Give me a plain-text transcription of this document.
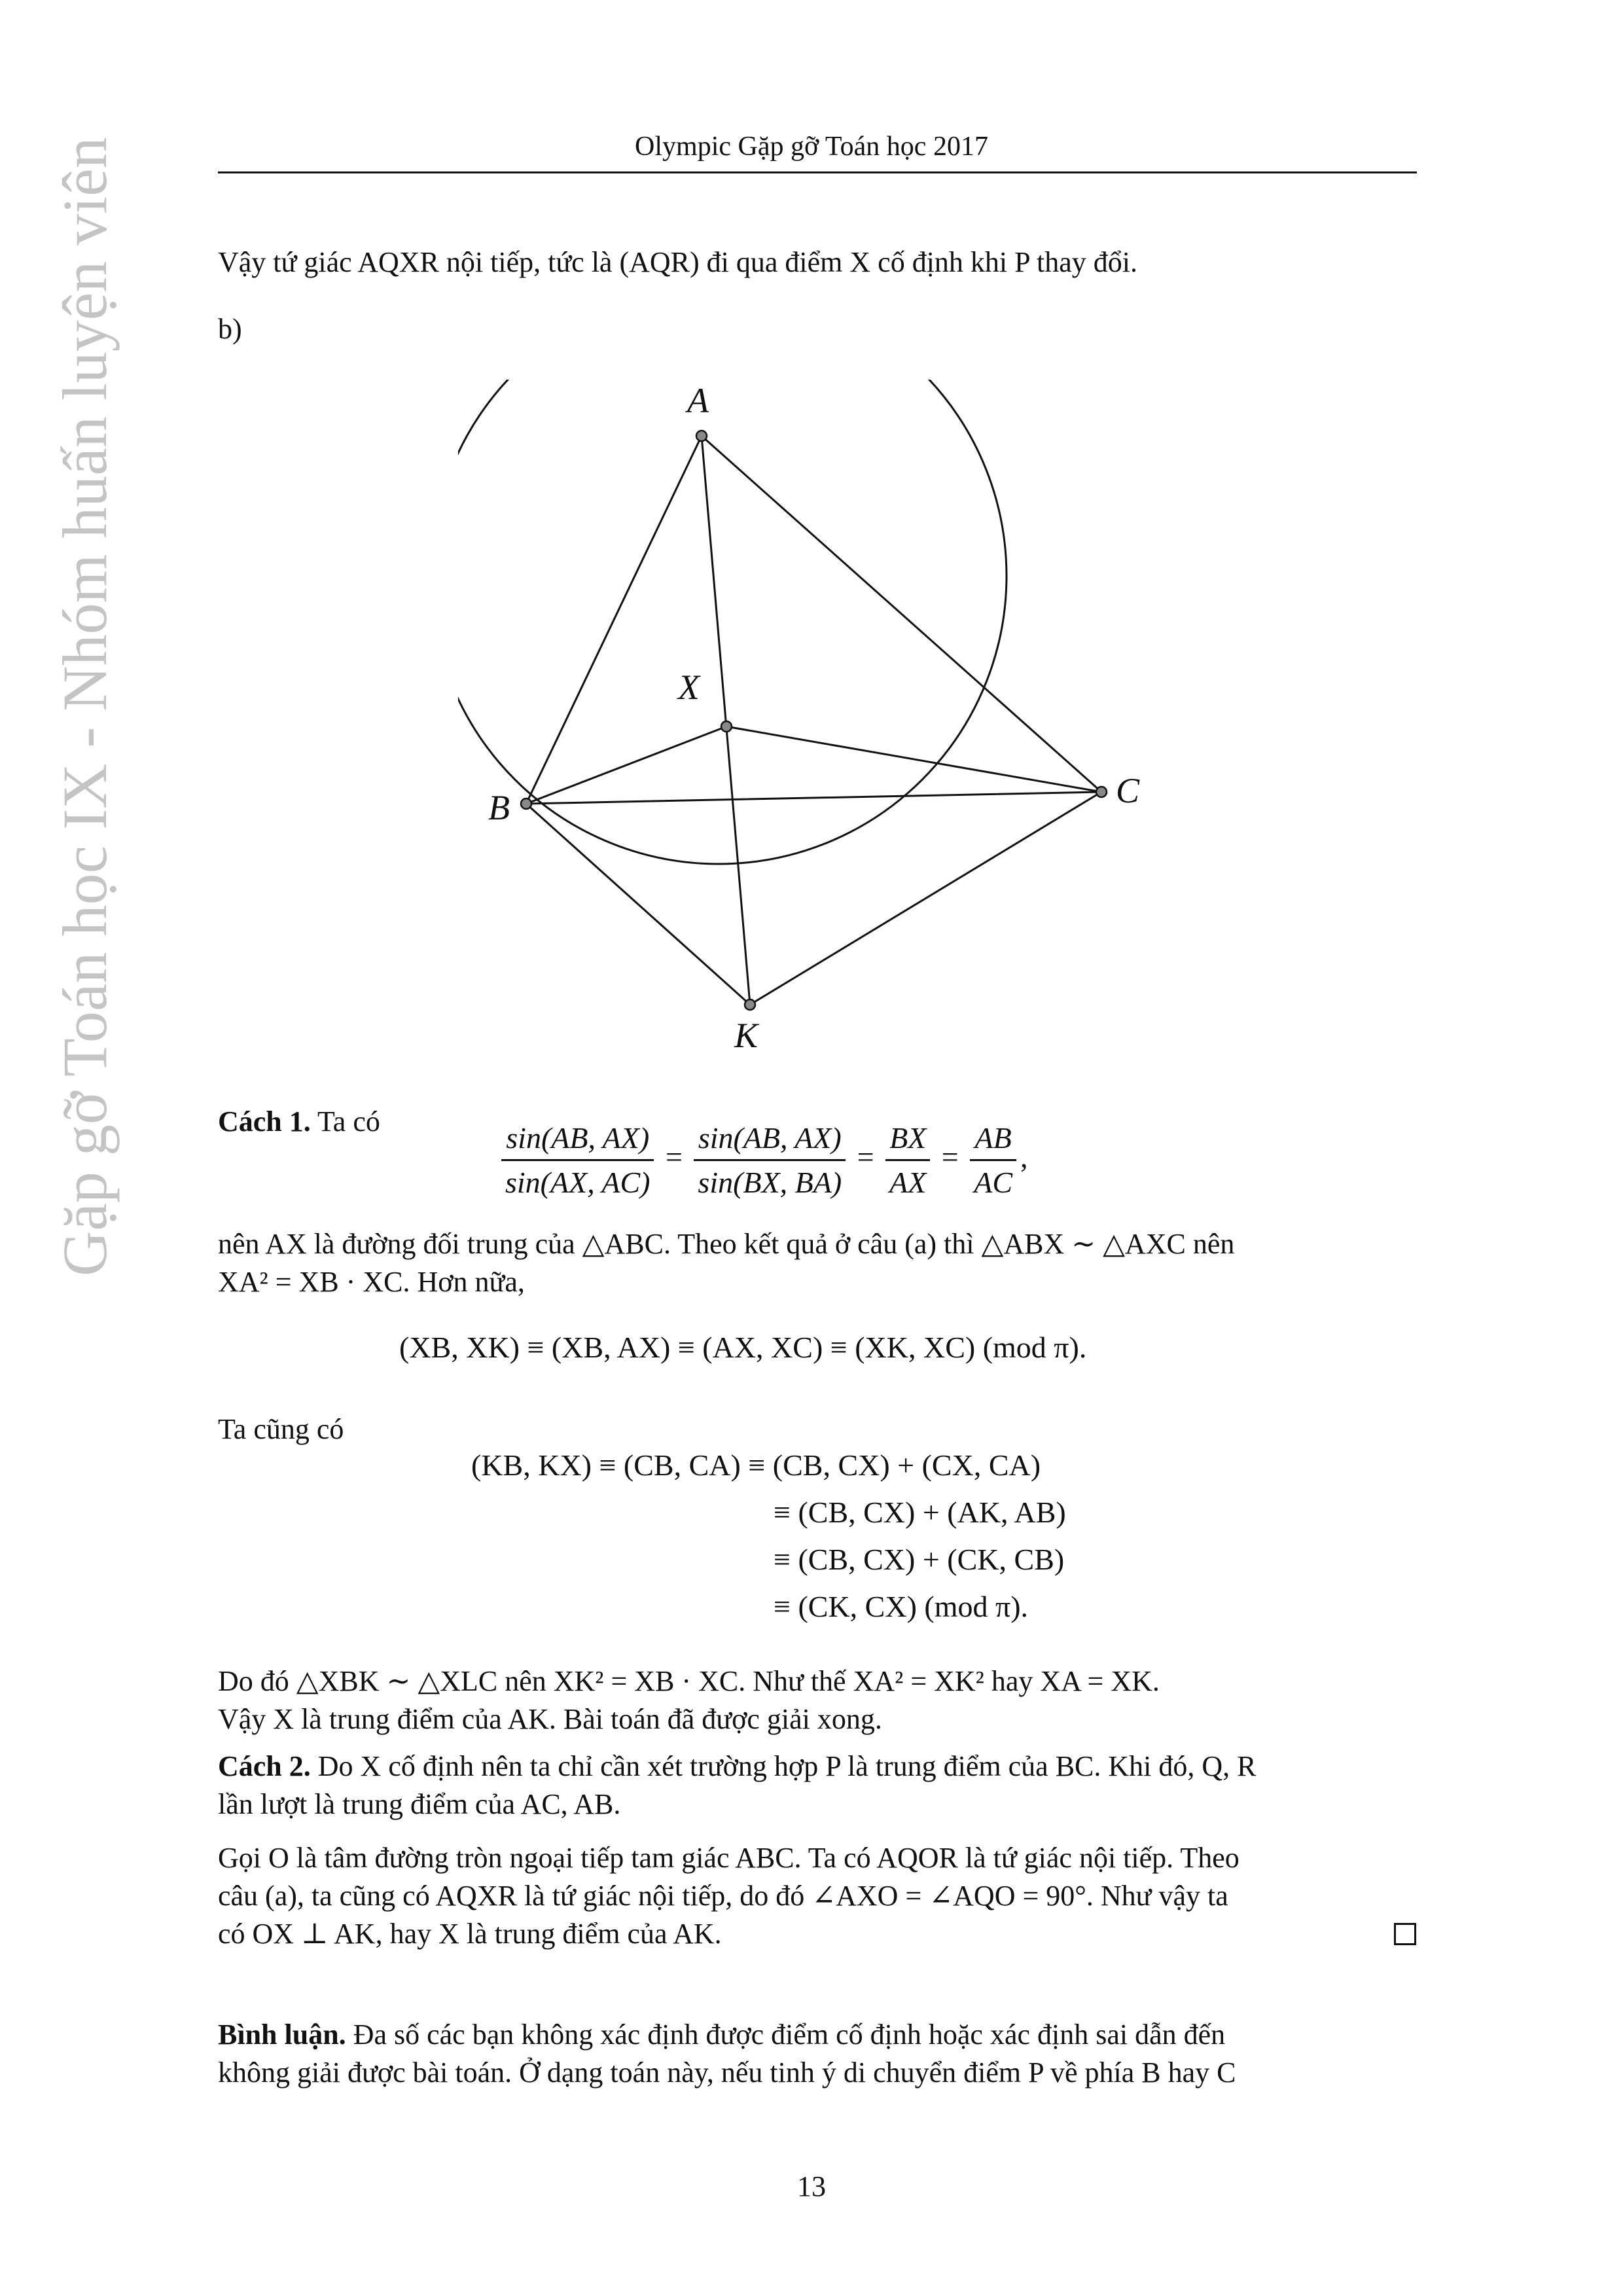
Olympic Gặp gỡ Toán học 2017
Gặp gỡ Toán học IX - Nhóm huấn luyện viên	Vậy tứ giác AQXR nội tiếp, tức là (AQR) đi qua điểm X cố định khi P thay đổi.
b)
A
B	C
X
K
Cách 1. Ta có	$\frac{\sin(AB, AX)}{\sin(AX, AC)} = \frac{\sin(AB, AX)}{\sin(BX, BA)} = \frac{BX}{AX} = \frac{AB}{AC}$ ,
nên AX là đường đối trung của △ABC. Theo kết quả ở câu (a) thì △ABX ∼ △AXC nên
XA² = XB · XC. Hơn nữa,
(XB, XK) ≡ (XB, AX) ≡ (AX, XC) ≡ (XK, XC) (mod π).
Ta cũng có
(KB, KX) ≡ (CB, CA) ≡ (CB, CX) + (CX, CA)
≡ (CB, CX) + (AK, AB)
≡ (CB, CX) + (CK, CB)
≡ (CK, CX) (mod π).
Do đó △XBK ∼ △XLC nên XK² = XB · XC. Như thế XA² = XK² hay XA = XK.
Vậy X là trung điểm của AK. Bài toán đã được giải xong.
Cách 2. Do X cố định nên ta chỉ cần xét trường hợp P là trung điểm của BC. Khi đó, Q, R
lần lượt là trung điểm của AC, AB.
Gọi O là tâm đường tròn ngoại tiếp tam giác ABC. Ta có AQOR là tứ giác nội tiếp. Theo
câu (a), ta cũng có AQXR là tứ giác nội tiếp, do đó ∠AXO = ∠AQO = 90°. Như vậy ta
có OX ⊥ AK, hay X là trung điểm của AK.
Bình luận. Đa số các bạn không xác định được điểm cố định hoặc xác định sai dẫn đến
không giải được bài toán. Ở dạng toán này, nếu tinh ý di chuyển điểm P về phía B hay C
13
